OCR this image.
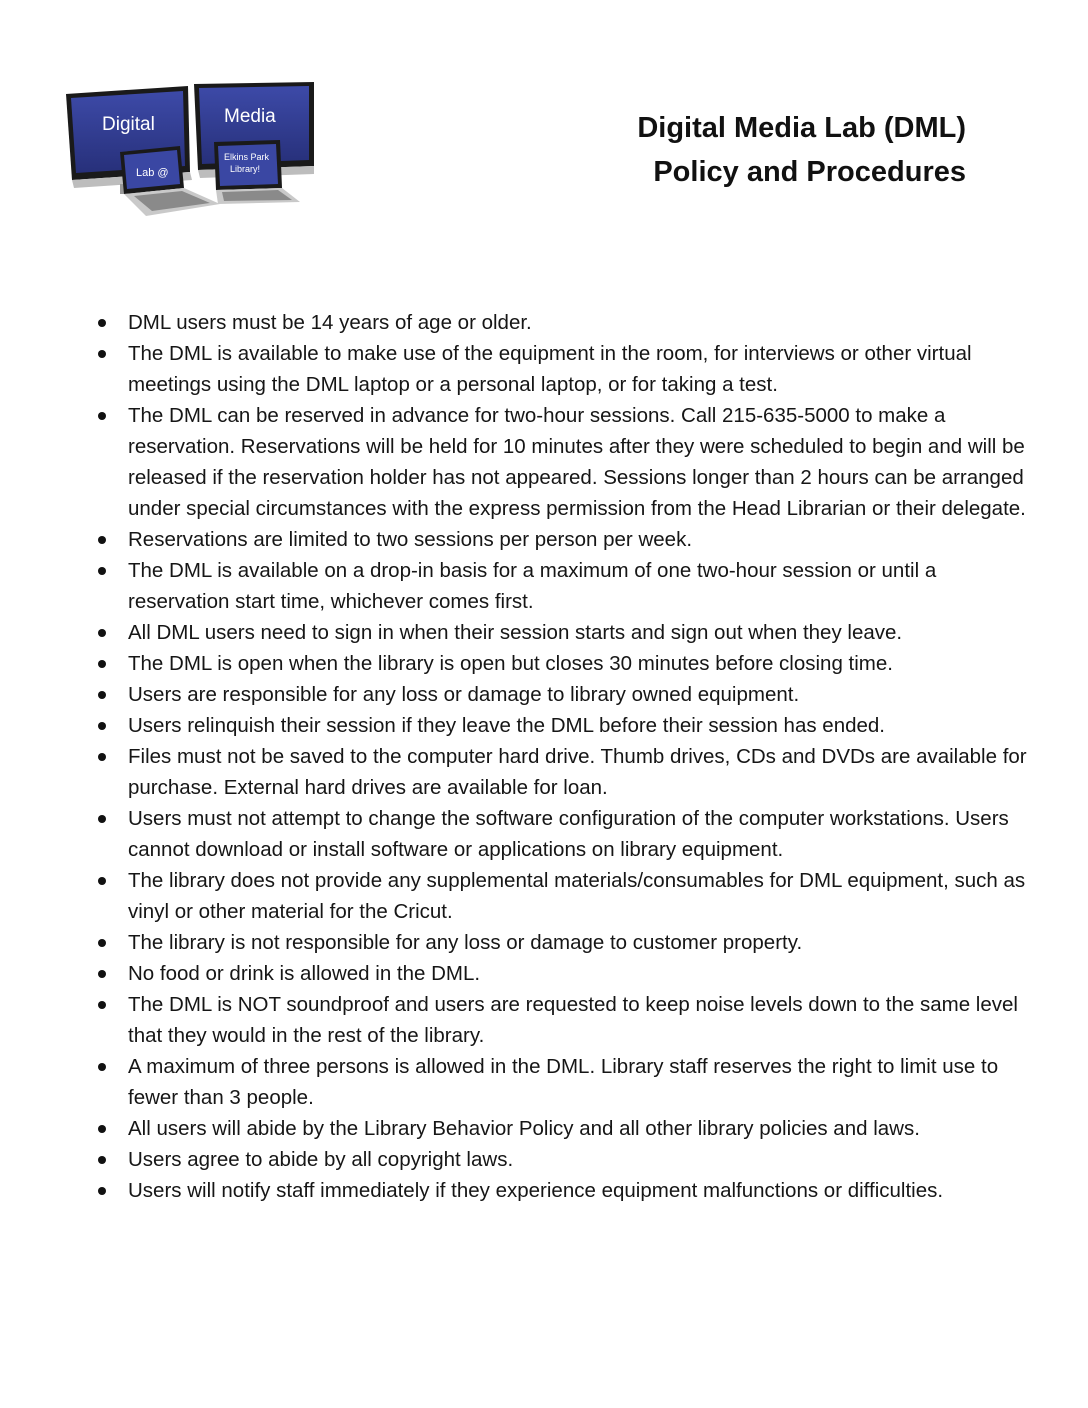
Digital	Media
Lab @
Elkins Park
Library!
Digital Media Lab (DML)
Policy and Procedures
DML users must be 14 years of age or older.
The DML is available to make use of the equipment in the room, for interviews or other virtual meetings using the DML laptop or a personal laptop, or for taking a test.
The DML can be reserved in advance for two-hour sessions. Call 215-635-5000 to make a reservation. Reservations will be held for 10 minutes after they were scheduled to begin and will be released if the reservation holder has not appeared. Sessions longer than 2 hours can be arranged under special circumstances with the express permission from the Head Librarian or their delegate.
Reservations are limited to two sessions per person per week.
The DML is available on a drop-in basis for a maximum of one two-hour session or until a reservation start time, whichever comes first.
All DML users need to sign in when their session starts and sign out when they leave.
The DML is open when the library is open but closes 30 minutes before closing time.
Users are responsible for any loss or damage to library owned equipment.
Users relinquish their session if they leave the DML before their session has ended.
Files must not be saved to the computer hard drive. Thumb drives, CDs and DVDs are available for purchase. External hard drives are available for loan.
Users must not attempt to change the software configuration of the computer workstations. Users cannot download or install software or applications on library equipment.
The library does not provide any supplemental materials/consumables for DML equipment, such as vinyl or other material for the Cricut.
The library is not responsible for any loss or damage to customer property.
No food or drink is allowed in the DML.
The DML is NOT soundproof and users are requested to keep noise levels down to the same level that they would in the rest of the library.
A maximum of three persons is allowed in the DML. Library staff reserves the right to limit use to fewer than 3 people.
All users will abide by the Library Behavior Policy and all other library policies and laws.
Users agree to abide by all copyright laws.
Users will notify staff immediately if they experience equipment malfunctions or difficulties.
